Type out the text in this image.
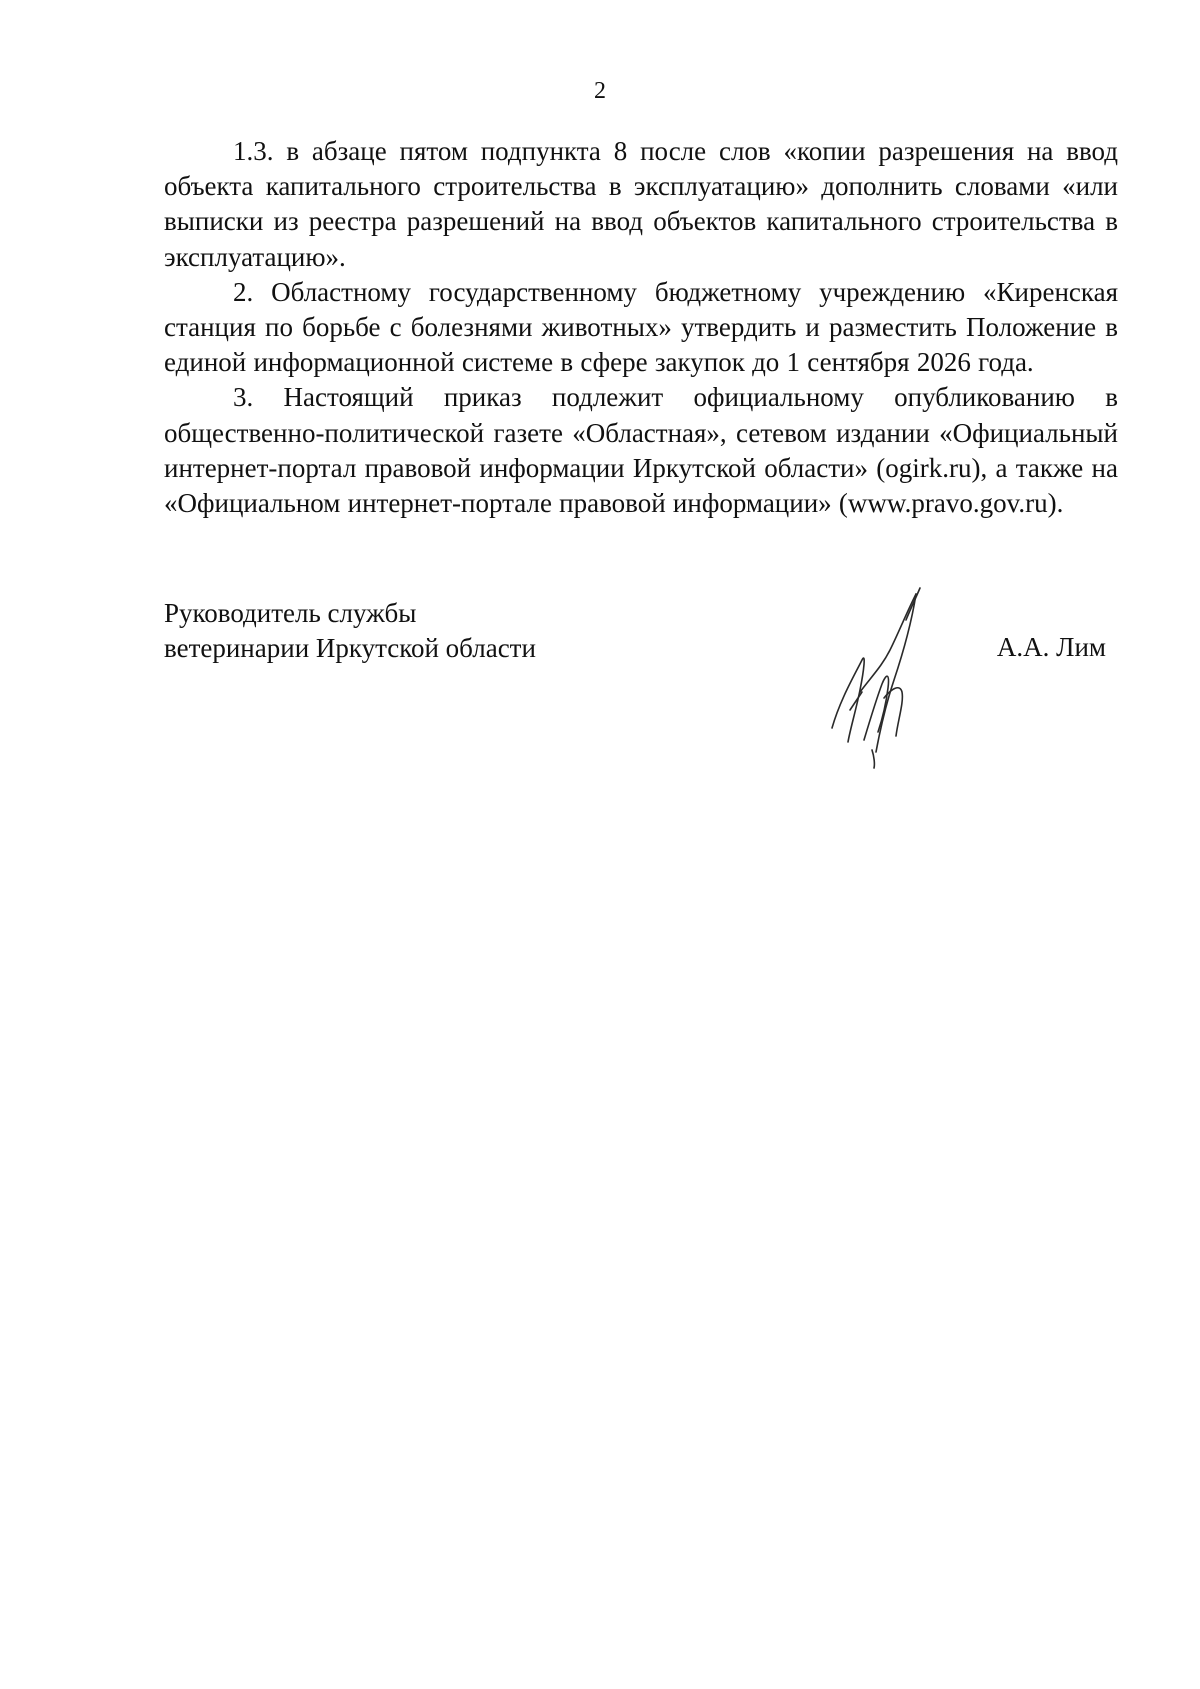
2

1.3. в абзаце пятом подпункта 8 после слов «копии разрешения на ввод объекта капитального строительства в эксплуатацию» дополнить словами «или выписки из реестра разрешений на ввод объектов капитального строительства в эксплуатацию».

2. Областному государственному бюджетному учреждению «Киренская станция по борьбе с болезнями животных» утвердить и разместить Положение в единой информационной системе в сфере закупок до 1 сентября 2026 года.

3. Настоящий приказ подлежит официальному опубликованию в общественно-политической газете «Областная», сетевом издании «Официальный интернет-портал правовой информации Иркутской области» (ogirk.ru), а также на «Официальном интернет-портале правовой информации» (www.pravo.gov.ru).

Руководитель службы
ветеринарии Иркутской области	А.А. Лим
